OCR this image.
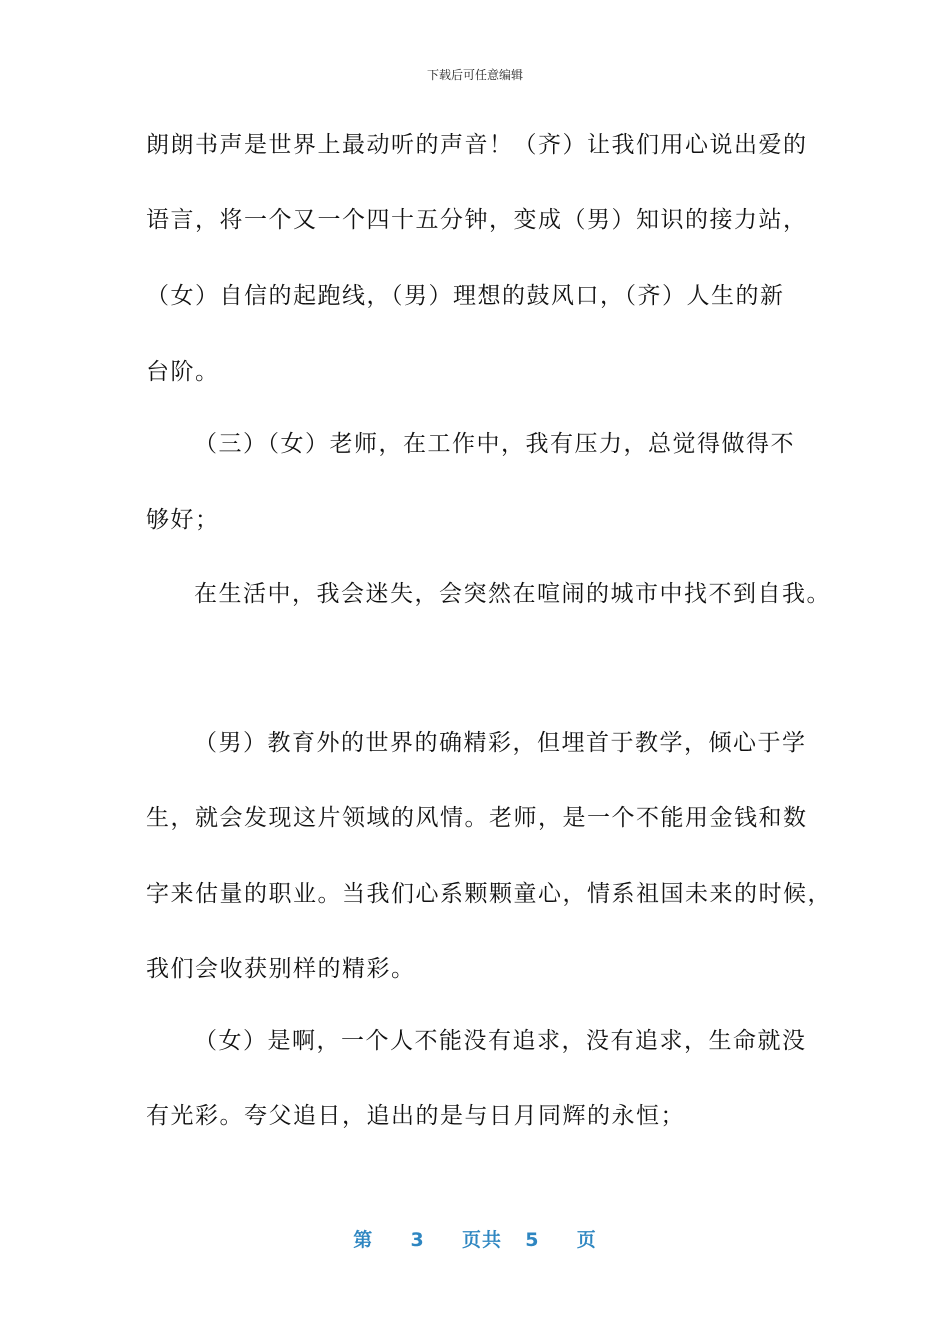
下载后可任意编辑
朗朗书声是世界上最动听的声音！（齐）让我们用心说出爱的
语言，将一个又一个四十五分钟，变成（男）知识的接力站，
（女）自信的起跑线，（男）理想的鼓风口，（齐）人生的新
台阶。
（三）（女）老师，在工作中，我有压力，总觉得做得不
够好；
在生活中，我会迷失，会突然在喧闹的城市中找不到自我。
（男）教育外的世界的确精彩，但埋首于教学，倾心于学
生，就会发现这片领域的风情。老师，是一个不能用金钱和数
字来估量的职业。当我们心系颗颗童心，情系祖国未来的时候，
我们会收获别样的精彩。
（女）是啊，一个人不能没有追求，没有追求，生命就没
有光彩。夸父追日，追出的是与日月同辉的永恒；
第 3 页共 5 页
